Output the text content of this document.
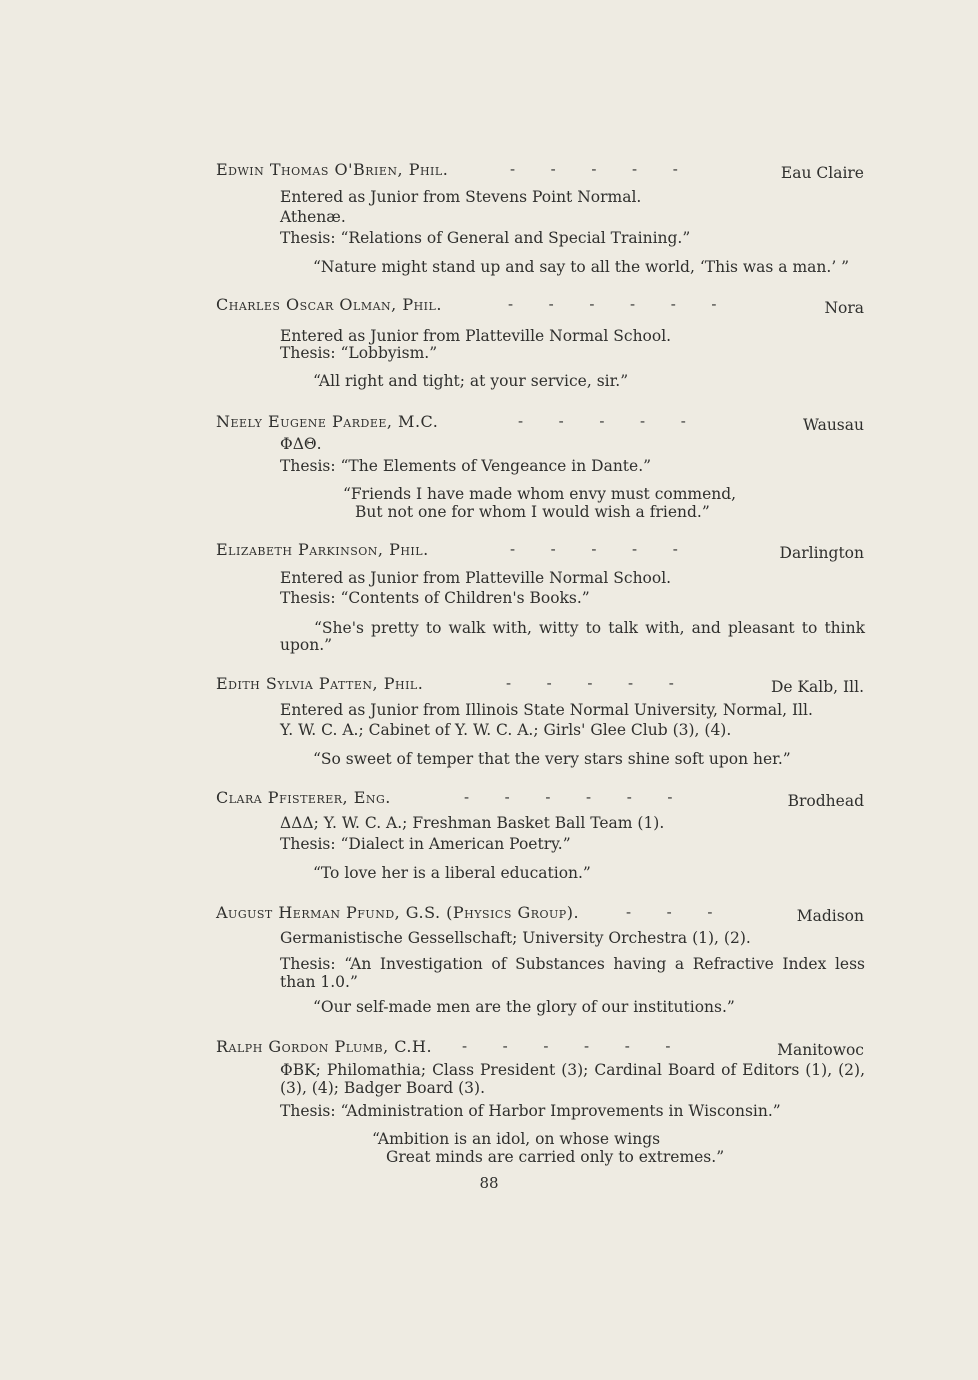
Edwin Thomas O'Brien, Phil.	-      -      -      -      -	Eau Claire
Entered as Junior from Stevens Point Normal.
Athenæ.
Thesis: “Relations of General and Special Training.”
“Nature might stand up and say to all the world, ‘This was a man.’ ”
Charles Oscar Olman, Phil.	-      -      -      -      -      -	Nora
Entered as Junior from Platteville Normal School.
Thesis: “Lobbyism.”
“All right and tight; at your service, sir.”
Neely Eugene Pardee, M.C.	-      -      -      -      -	Wausau
ΦΔΘ.
Thesis: “The Elements of Vengeance in Dante.”
“Friends I have made whom envy must commend,
But not one for whom I would wish a friend.”
Elizabeth Parkinson, Phil.	-      -      -      -      -	Darlington
Entered as Junior from Platteville Normal School.
Thesis: “Contents of Children's Books.”
“She's pretty to walk with, witty to talk with, and pleasant to think upon.”
Edith Sylvia Patten, Phil.	-      -      -      -      -	De Kalb, Ill.
Entered as Junior from Illinois State Normal University, Normal, Ill.
Y. W. C. A.; Cabinet of Y. W. C. A.; Girls' Glee Club (3), (4).
“So sweet of temper that the very stars shine soft upon her.”
Clara Pfisterer, Eng.	-      -      -      -      -      -	Brodhead
ΔΔΔ; Y. W. C. A.; Freshman Basket Ball Team (1).
Thesis: “Dialect in American Poetry.”
“To love her is a liberal education.”
August Herman Pfund, G.S. (Physics Group).	-      -      -	Madison
Germanistische Gessellschaft; University Orchestra (1), (2).
Thesis: “An Investigation of Substances having a Refractive Index less than 1.0.”
“Our self-made men are the glory of our institutions.”
Ralph Gordon Plumb, C.H. -      -      -      -      -      -	Manitowoc
ΦBK; Philomathia; Class President (3); Cardinal Board of Editors (1), (2), (3), (4); Badger Board (3).
Thesis: “Administration of Harbor Improvements in Wisconsin.”
“Ambition is an idol, on whose wings
Great minds are carried only to extremes.”
88
